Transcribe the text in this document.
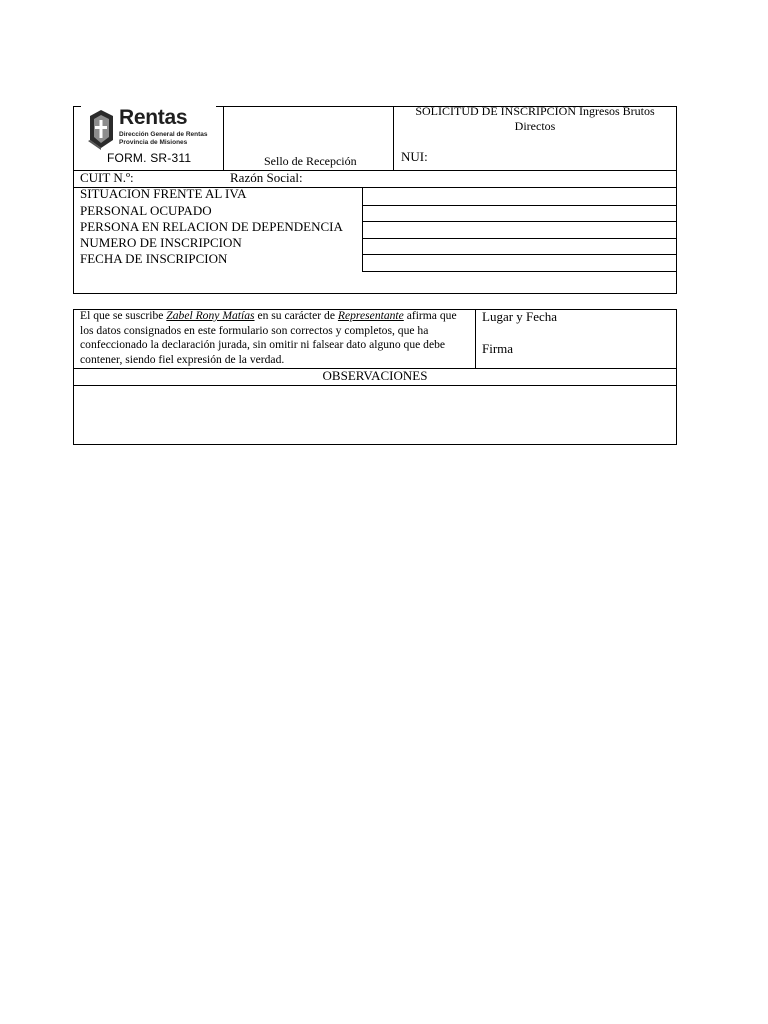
Rentas
Dirección General de Rentas
Provincia de Misiones
FORM. SR-311	Sello de Recepción
SOLICITUD DE INSCRIPCION Ingresos Brutos
Directos
NUI:
CUIT N.º:	Razón Social:
SITUACION FRENTE AL IVA
PERSONAL OCUPADO
PERSONA EN RELACION DE DEPENDENCIA
NUMERO DE INSCRIPCION
FECHA DE INSCRIPCION
El que se suscribe Zabel Rony Matías en su carácter de Representante afirma que los datos consignados en este formulario son correctos y completos, que ha confeccionado la declaración jurada, sin omitir ni falsear dato alguno que debe contener, siendo fiel expresión de la verdad.
Lugar y Fecha
Firma
OBSERVACIONES
